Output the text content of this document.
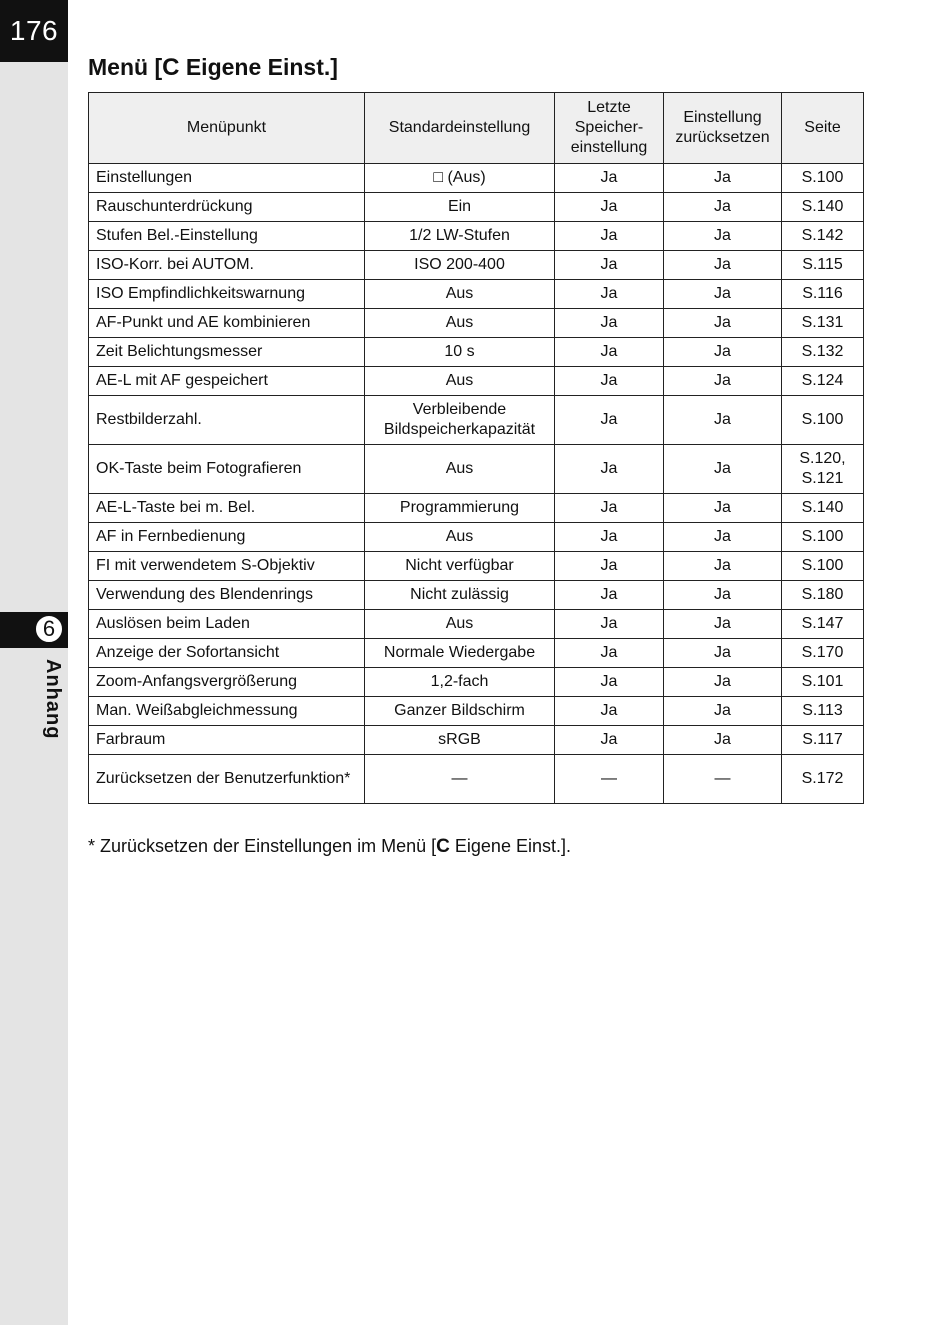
176
6
Anhang
Menü [C Eigene Einst.]
Menüpunkt	Standardeinstellung	Letzte Speicher-einstellung	Einstellung zurücksetzen	Seite
Einstellungen	□ (Aus)	Ja	Ja	S.100
Rauschunterdrückung	Ein	Ja	Ja	S.140
Stufen Bel.-Einstellung	1/2 LW-Stufen	Ja	Ja	S.142
ISO-Korr. bei AUTOM.	ISO 200-400	Ja	Ja	S.115
ISO Empfindlichkeitswarnung	Aus	Ja	Ja	S.116
AF-Punkt und AE kombinieren	Aus	Ja	Ja	S.131
Zeit Belichtungsmesser	10 s	Ja	Ja	S.132
AE-L mit AF gespeichert	Aus	Ja	Ja	S.124
Restbilderzahl.	Verbleibende Bildspeicherkapazität	Ja	Ja	S.100
OK-Taste beim Fotografieren	Aus	Ja	Ja	S.120, S.121
AE-L-Taste bei m. Bel.	Programmierung	Ja	Ja	S.140
AF in Fernbedienung	Aus	Ja	Ja	S.100
FI mit verwendetem S-Objektiv	Nicht verfügbar	Ja	Ja	S.100
Verwendung des Blendenrings	Nicht zulässig	Ja	Ja	S.180
Auslösen beim Laden	Aus	Ja	Ja	S.147
Anzeige der Sofortansicht	Normale Wiedergabe	Ja	Ja	S.170
Zoom-Anfangsvergrößerung	1,2-fach	Ja	Ja	S.101
Man. Weißabgleichmessung	Ganzer Bildschirm	Ja	Ja	S.113
Farbraum	sRGB	Ja	Ja	S.117
Zurücksetzen der Benutzerfunktion*	—	—	—	S.172
* Zurücksetzen der Einstellungen im Menü [C Eigene Einst.].
